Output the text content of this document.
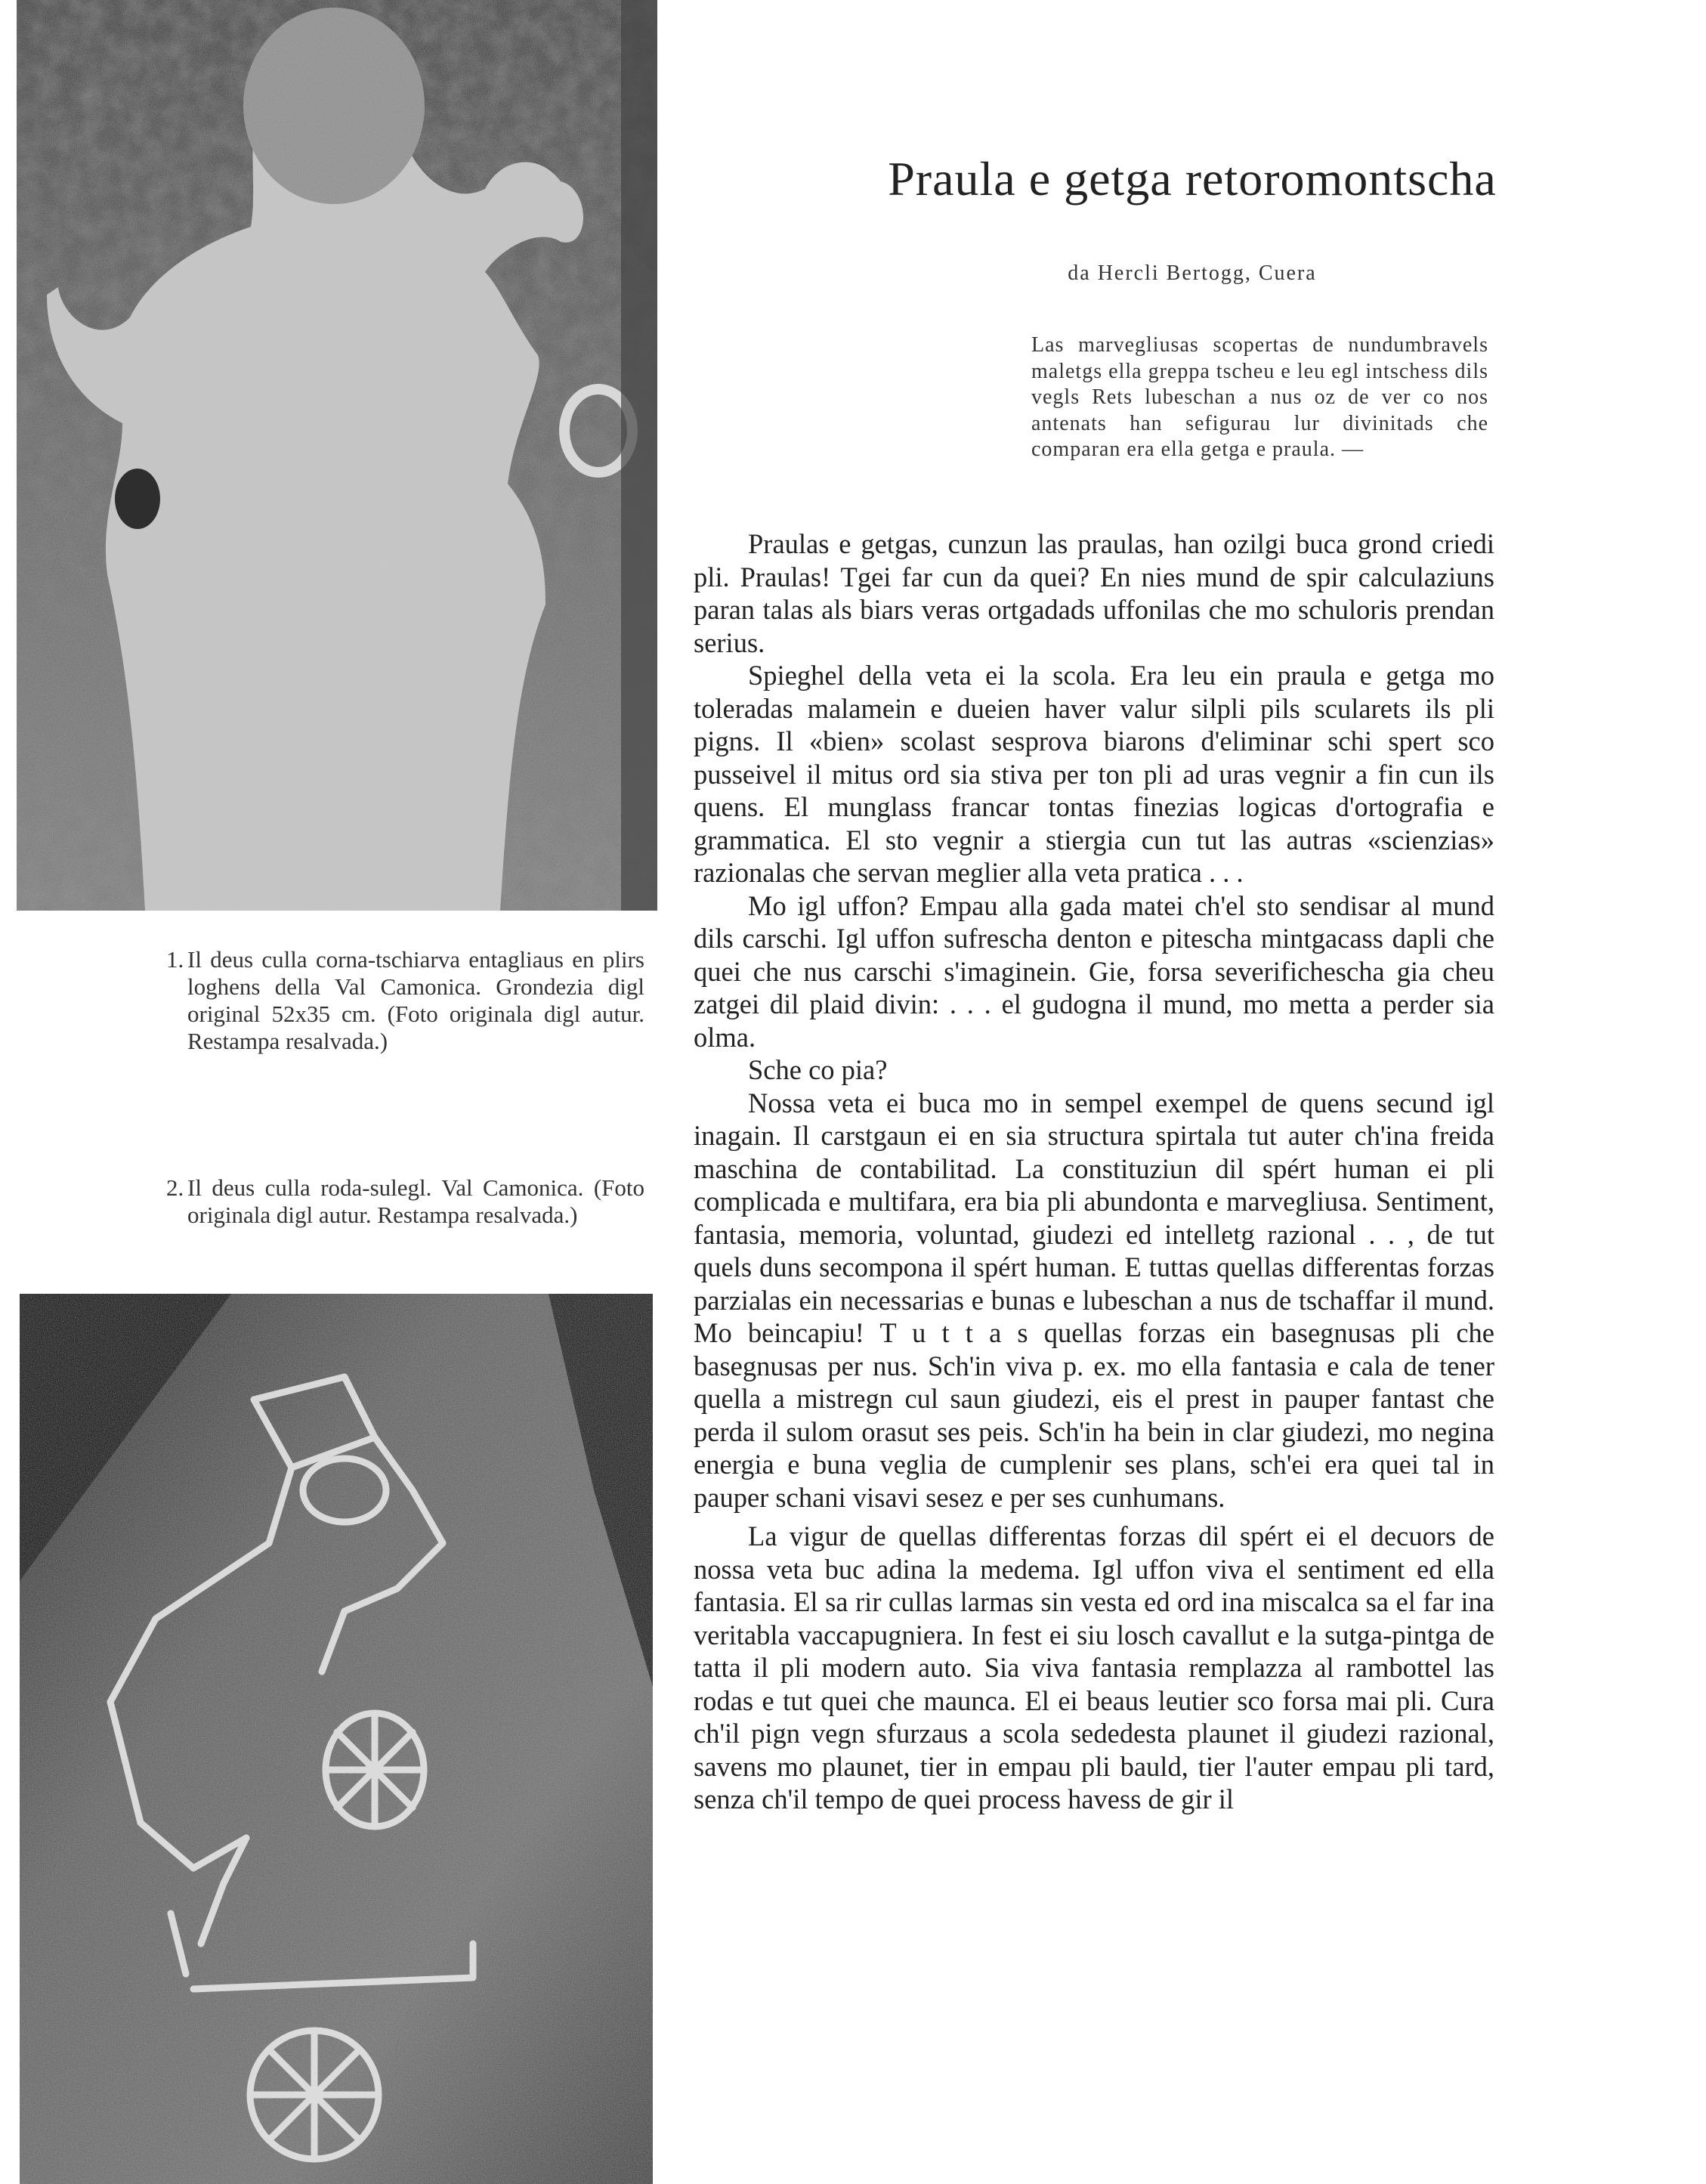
1. Il deus culla corna-tschiarva entagliaus en plirs loghens della Val Camonica. Grondezia digl original 52x35 cm. (Foto originala digl autur. Restampa resalvada.)
2. Il deus culla roda-sulegl. Val Camonica. (Foto originala digl autur. Restampa resalvada.)
Praula e getga retoromontscha
da Hercli Bertogg, Cuera
Las marvegliusas scopertas de nundumbravels maletgs ella greppa tscheu e leu egl intschess dils vegls Rets lubeschan a nus oz de ver co nos antenats han sefigurau lur divinitads che comparan era ella getga e praula. —

Praulas e getgas, cunzun las praulas, han ozilgi buca grond criedi pli. Praulas! Tgei far cun da quei? En nies mund de spir calculaziuns paran talas als biars veras ortgadads uffonilas che mo schuloris prendan serius.

Spieghel della veta ei la scola. Era leu ein praula e getga mo toleradas malamein e dueien haver valur silpli pils scularets ils pli pigns. Il «bien» scolast sesprova biarons d'eliminar schi spert sco pusseivel il mitus ord sia stiva per ton pli ad uras vegnir a fin cun ils quens. El munglass francar tontas finezias logicas d'ortografia e grammatica. El sto vegnir a stiergia cun tut las autras «scienzias» razionalas che servan meglier alla veta pratica . . .

Mo igl uffon? Empau alla gada matei ch'el sto sendisar al mund dils carschi. Igl uffon sufrescha denton e pitescha mintgacass dapli che quei che nus carschi s'imaginein. Gie, forsa severificheschа gia cheu zatgei dil plaid divin: . . . el gudogna il mund, mo metta a perder sia olma.

Sche co pia?

Nossa veta ei buca mo in sempel exempel de quens secund igl inagain. Il carstgaun ei en sia structura spirtala tut auter ch'ina freida maschina de contabilitad. La constituziun dil spért human ei pli complicada e multifara, era bia pli abundonta e marvegliusa. Sentiment, fantasia, memoria, voluntad, giudezi ed intelletg razional . . , de tut quels duns secompona il spért human. E tuttas quellas differentas forzas parzialas ein necessarias e bunas e lubeschan a nus de tschaffar il mund. Mo beincapiu! T u t t a s quellas forzas ein basegnusas pli che basegnusas per nus. Sch'in viva p. ex. mo ella fantasia e cala de tener quella a mistregn cul saun giudezi, eis el prest in pauper fantast che perda il sulom orasut ses peis. Sch'in ha bein in clar giudezi, mo negina energia e buna veglia de cumplenir ses plans, sch'ei era quei tal in pauper schani visavi sesez e per ses cunhumans.

La vigur de quellas differentas forzas dil spért ei el decuors de nossa veta buc adina la medema. Igl uffon viva el sentiment ed ella fantasia. El sa rir cullas larmas sin vesta ed ord ina miscalca sa el far ina veritabla vaccapugniera. In fest ei siu losch cavallut e la sutga-pintga de tatta il pli modern auto. Sia viva fantasia remplazza al rambottel las rodas e tut quei che maunca. El ei beaus leutier sco forsa mai pli. Cura ch'il pign vegn sfurzaus a scola sededesta plaunet il giudezi razional, savens mo plaunet, tier in empau pli bauld, tier l'auter empau pli tard, senza ch'il tempo de quei process havess de gir il
